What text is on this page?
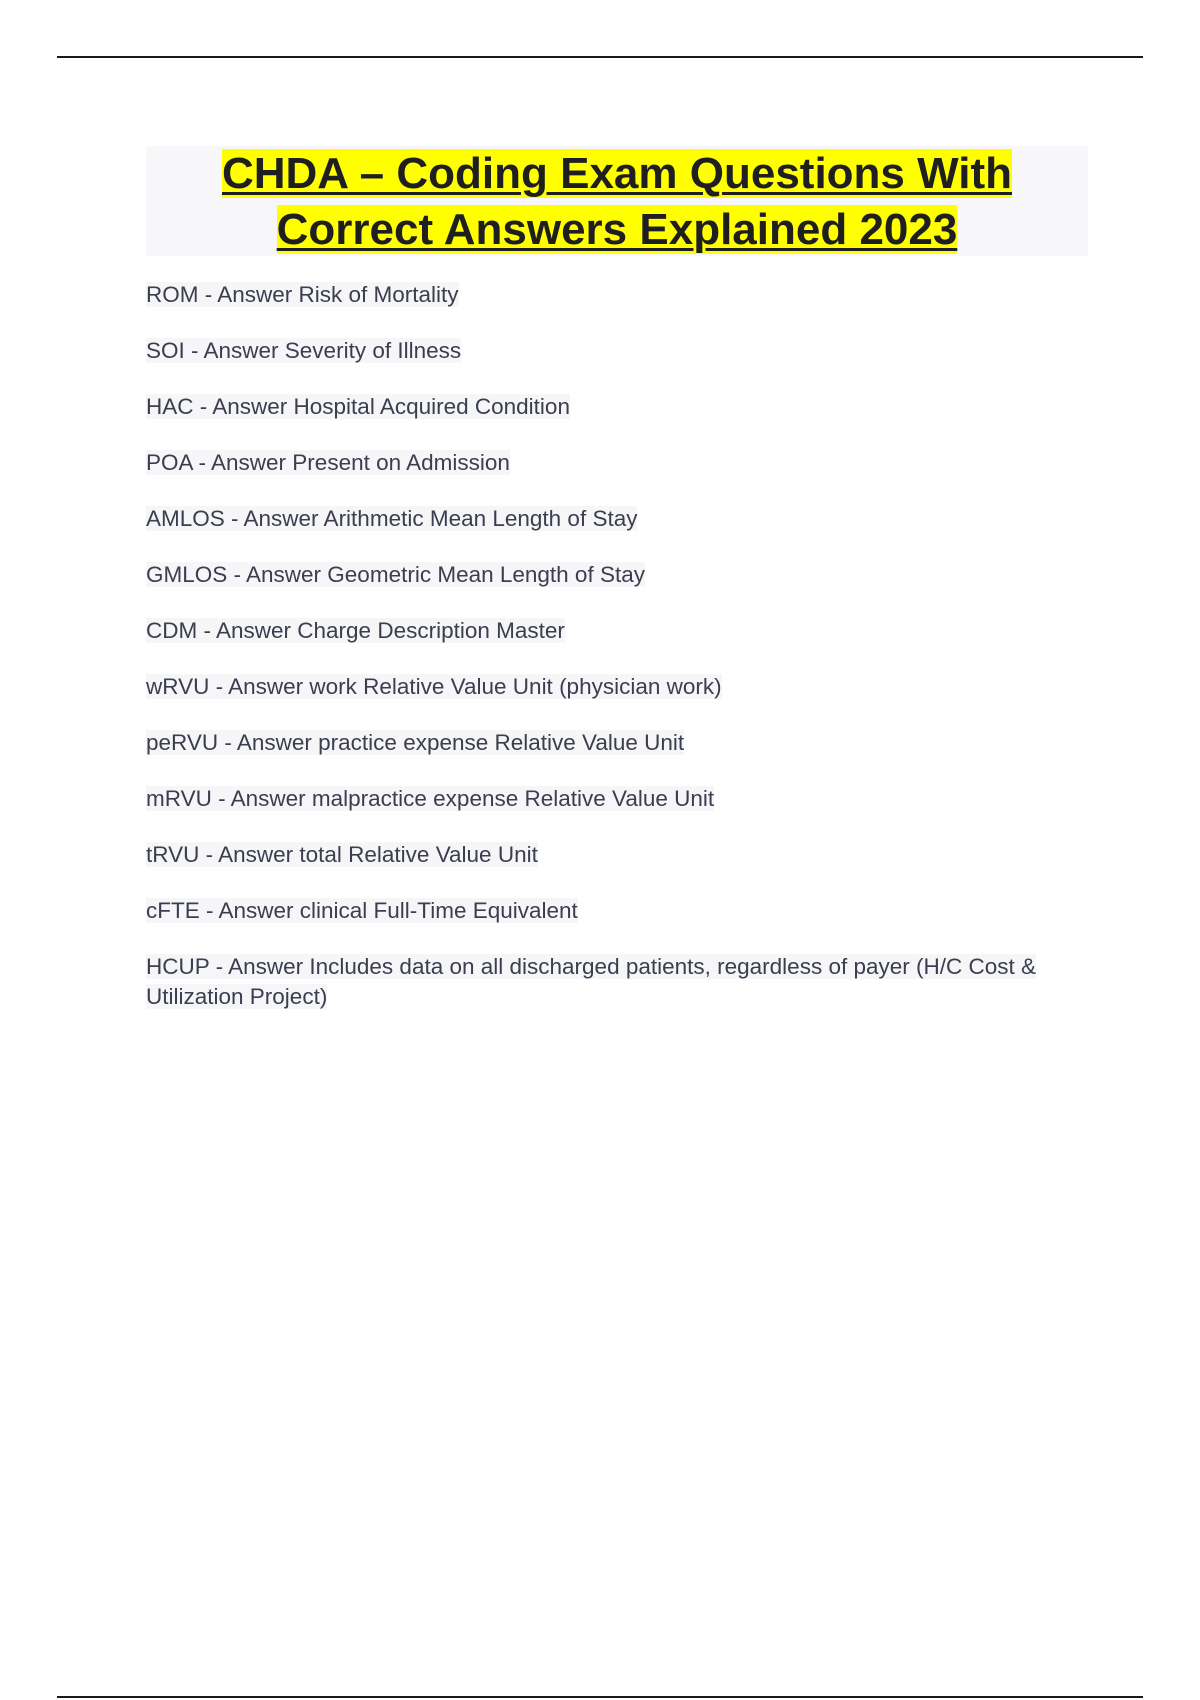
CHDA – Coding Exam Questions With
Correct Answers Explained 2023

ROM - Answer Risk of Mortality

SOI - Answer Severity of Illness

HAC - Answer Hospital Acquired Condition

POA - Answer Present on Admission

AMLOS - Answer Arithmetic Mean Length of Stay

GMLOS - Answer Geometric Mean Length of Stay

CDM - Answer Charge Description Master

wRVU - Answer work Relative Value Unit (physician work)

peRVU - Answer practice expense Relative Value Unit

mRVU - Answer malpractice expense Relative Value Unit

tRVU - Answer total Relative Value Unit

cFTE - Answer clinical Full-Time Equivalent

HCUP - Answer Includes data on all discharged patients, regardless of payer (H/C Cost & Utilization Project)
